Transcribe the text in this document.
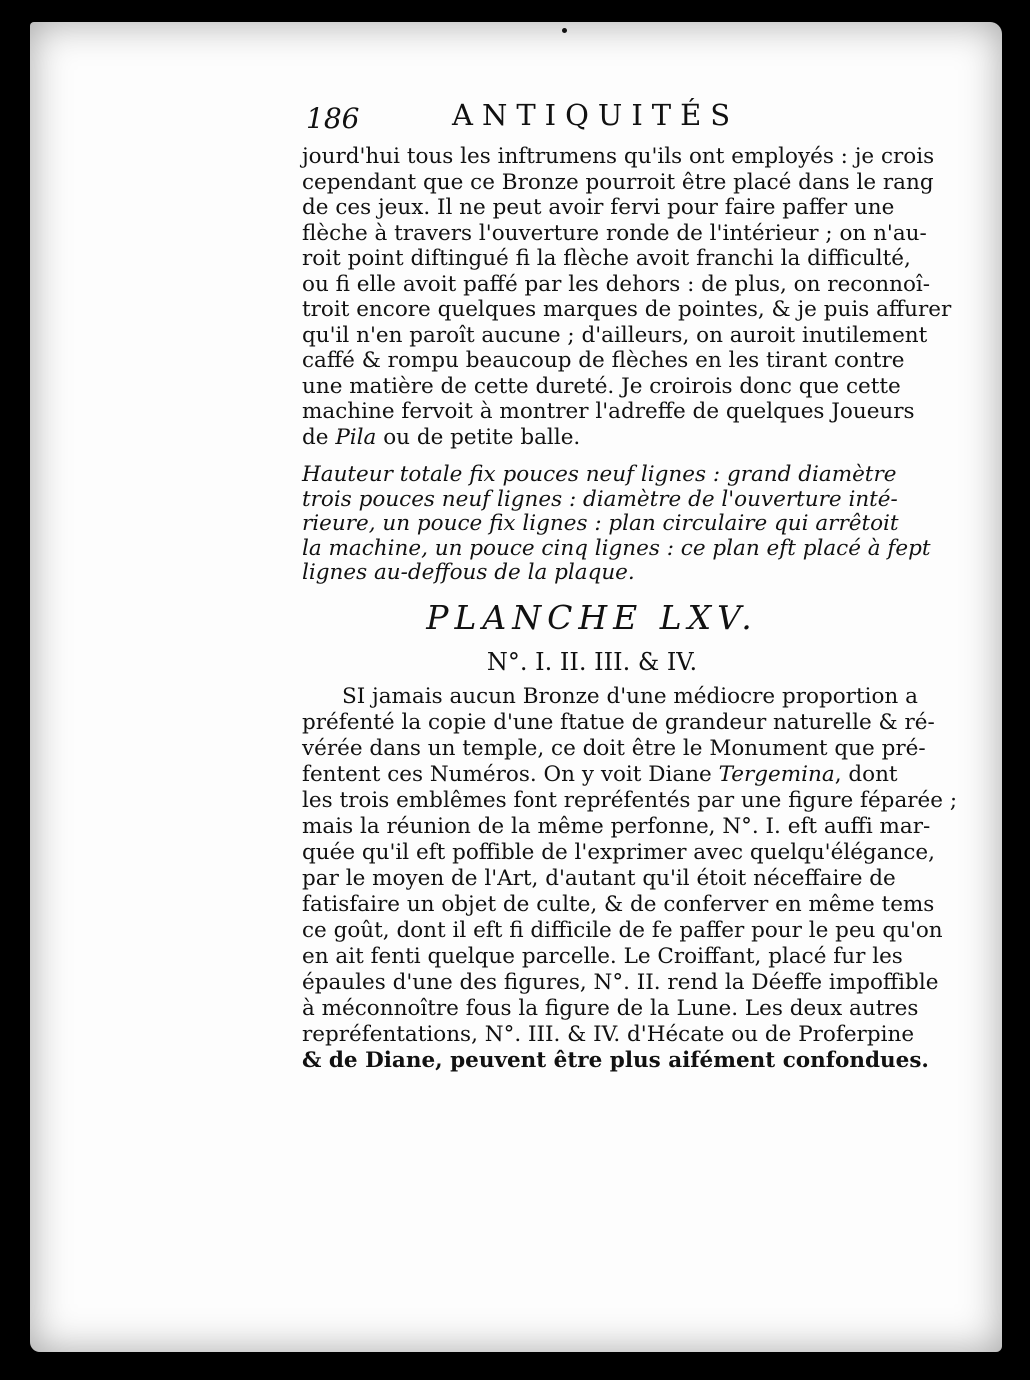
186	ANTIQUITÉS
jourd'hui tous les inftrumens qu'ils ont employés : je crois
cependant que ce Bronze pourroit être placé dans le rang
de ces jeux. Il ne peut avoir fervi pour faire paffer une
flèche à travers l'ouverture ronde de l'intérieur ; on n'au-
roit point diftingué fi la flèche avoit franchi la difficulté,
ou fi elle avoit paffé par les dehors : de plus, on reconnoî-
troit encore quelques marques de pointes, & je puis affurer
qu'il n'en paroît aucune ; d'ailleurs, on auroit inutilement
caffé & rompu beaucoup de flèches en les tirant contre
une matière de cette dureté. Je croirois donc que cette
machine fervoit à montrer l'adreffe de quelques Joueurs
de Pila ou de petite balle.
Hauteur totale fix pouces neuf lignes : grand diamètre
trois pouces neuf lignes : diamètre de l'ouverture inté-
rieure, un pouce fix lignes : plan circulaire qui arrêtoit
la machine, un pouce cinq lignes : ce plan eft placé à fept
lignes au-deffous de la plaque.
PLANCHE LXV.
N°. I. II. III. & IV.
SI jamais aucun Bronze d'une médiocre proportion a
préfenté la copie d'une ftatue de grandeur naturelle & ré-
vérée dans un temple, ce doit être le Monument que pré-
fentent ces Numéros. On y voit Diane Tergemina, dont
les trois emblêmes font repréfentés par une figure féparée ;
mais la réunion de la même perfonne, N°. I. eft auffi mar-
quée qu'il eft poffible de l'exprimer avec quelqu'élégance,
par le moyen de l'Art, d'autant qu'il étoit néceffaire de
fatisfaire un objet de culte, & de conferver en même tems
ce goût, dont il eft fi difficile de fe paffer pour le peu qu'on
en ait fenti quelque parcelle. Le Croiffant, placé fur les
épaules d'une des figures, N°. II. rend la Déeffe impoffible
à méconnoître fous la figure de la Lune. Les deux autres
repréfentations, N°. III. & IV. d'Hécate ou de Proferpine
& de Diane, peuvent être plus aifément confondues.
